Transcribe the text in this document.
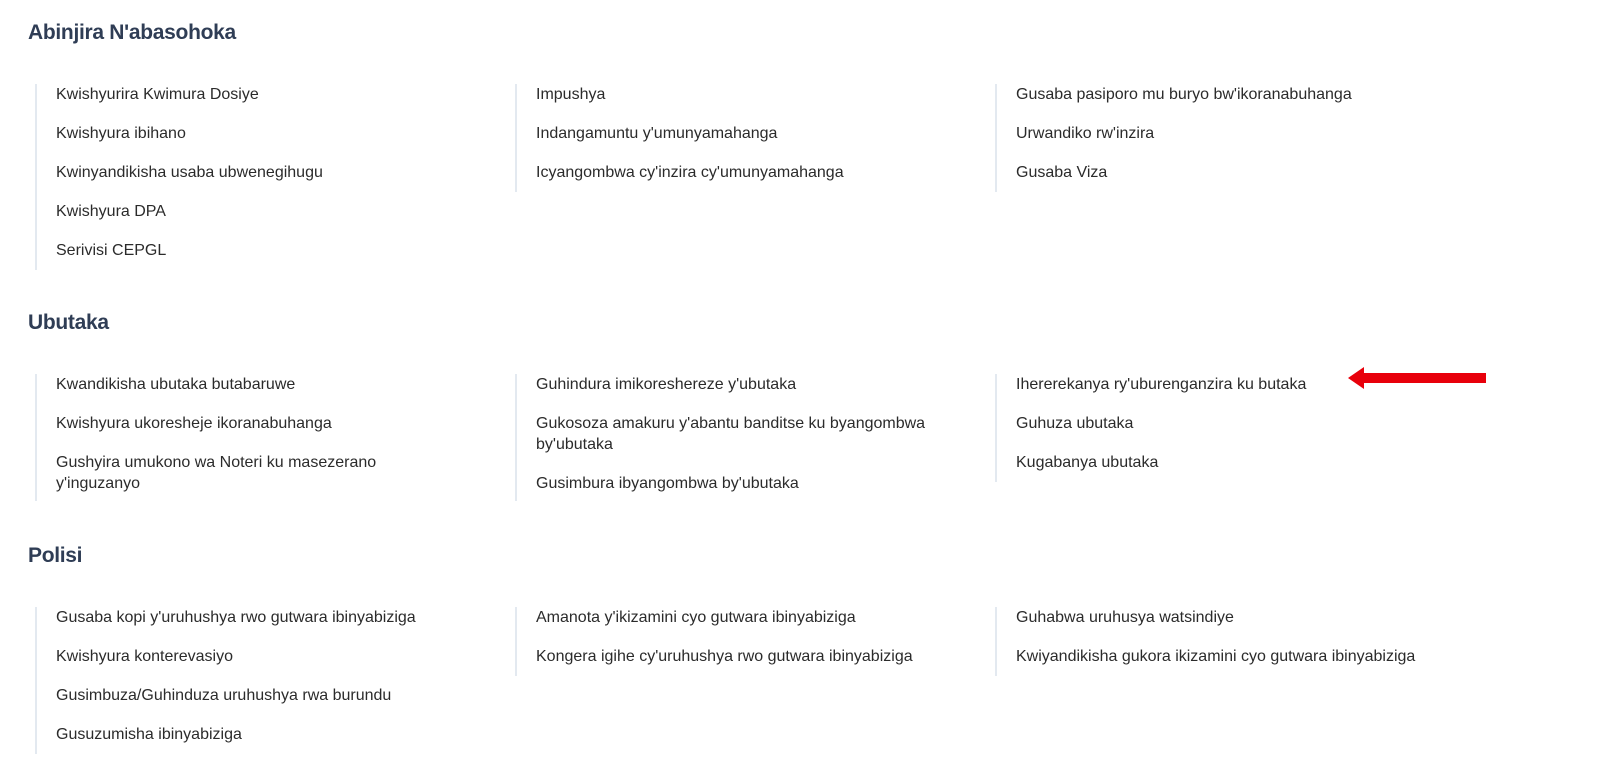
Abinjira N'abasohoka
Kwishyurira Kwimura Dosiye
Kwishyura ibihano
Kwinyandikisha usaba ubwenegihugu
Kwishyura DPA
Serivisi CEPGL
Impushya
Indangamuntu y'umunyamahanga
Icyangombwa cy'inzira cy'umunyamahanga
Gusaba pasiporo mu buryo bw'ikoranabuhanga
Urwandiko rw'inzira
Gusaba Viza
Ubutaka
Kwandikisha ubutaka butabaruwe
Kwishyura ukoresheje ikoranabuhanga
Gushyira umukono wa Noteri ku masezerano y'inguzanyo
Guhindura imikoreshereze y'ubutaka
Gukosoza amakuru y'abantu banditse ku byangombwa by'ubutaka
Gusimbura ibyangombwa by'ubutaka
Ihererekanya ry'uburenganzira ku butaka
Guhuza ubutaka
Kugabanya ubutaka
Polisi
Gusaba kopi y'uruhushya rwo gutwara ibinyabiziga
Kwishyura konterevasiyo
Gusimbuza/Guhinduza uruhushya rwa burundu
Gusuzumisha ibinyabiziga
Amanota y'ikizamini cyo gutwara ibinyabiziga
Kongera igihe cy'uruhushya rwo gutwara ibinyabiziga
Guhabwa uruhusya watsindiye
Kwiyandikisha gukora ikizamini cyo gutwara ibinyabiziga
